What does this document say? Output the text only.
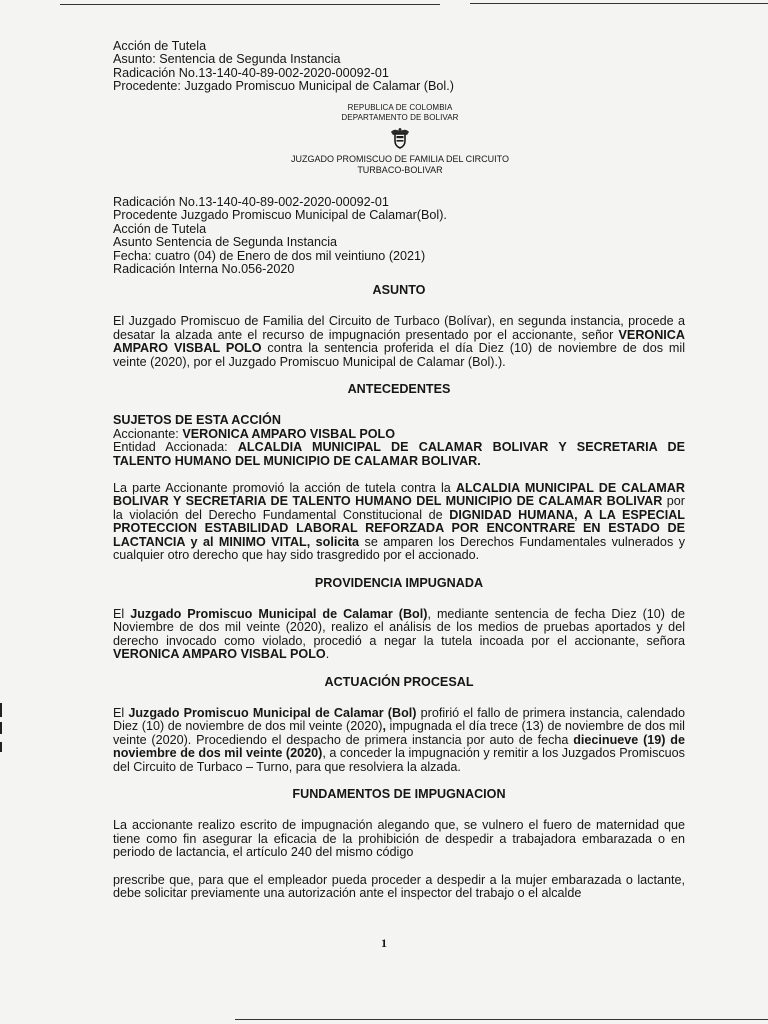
Acción de Tutela
Asunto: Sentencia de Segunda Instancia
Radicación No.13-140-40-89-002-2020-00092-01
Procedente: Juzgado Promiscuo Municipal de Calamar (Bol.)
REPUBLICA DE COLOMBIA
DEPARTAMENTO DE BOLIVAR
JUZGADO PROMISCUO DE FAMILIA DEL CIRCUITO
TURBACO-BOLIVAR
Radicación No.13-140-40-89-002-2020-00092-01
Procedente Juzgado Promiscuo Municipal de Calamar(Bol).
Acción de Tutela
Asunto Sentencia de Segunda Instancia
Fecha: cuatro (04) de Enero de dos mil veintiuno (2021)
Radicación Interna No.056-2020
ASUNTO

El Juzgado Promiscuo de Familia del Circuito de Turbaco (Bolívar), en segunda instancia, procede a desatar la alzada ante el recurso de impugnación presentado por el accionante, señor VERONICA AMPARO VISBAL POLO contra la sentencia proferida el día Diez (10) de noviembre de dos mil veinte (2020), por el Juzgado Promiscuo Municipal de Calamar (Bol).).

ANTECEDENTES

SUJETOS DE ESTA ACCIÓN

Accionante: VERONICA AMPARO VISBAL POLO

Entidad Accionada: ALCALDIA MUNICIPAL DE CALAMAR BOLIVAR Y SECRETARIA DE TALENTO HUMANO DEL MUNICIPIO DE CALAMAR BOLIVAR.

La parte Accionante promovió la acción de tutela contra la ALCALDIA MUNICIPAL DE CALAMAR BOLIVAR Y SECRETARIA DE TALENTO HUMANO DEL MUNICIPIO DE CALAMAR BOLIVAR por la violación del Derecho Fundamental Constitucional de DIGNIDAD HUMANA, A LA ESPECIAL PROTECCION ESTABILIDAD LABORAL REFORZADA POR ENCONTRARE EN ESTADO DE LACTANCIA y al MINIMO VITAL, solicita se amparen los Derechos Fundamentales vulnerados y cualquier otro derecho que hay sido trasgredido por el accionado.

PROVIDENCIA IMPUGNADA

El Juzgado Promiscuo Municipal de Calamar (Bol), mediante sentencia de fecha Diez (10) de Noviembre de dos mil veinte (2020), realizo el análisis de los medios de pruebas aportados y del derecho invocado como violado, procedió a negar la tutela incoada por el accionante, señora VERONICA AMPARO VISBAL POLO.

ACTUACIÓN PROCESAL

El Juzgado Promiscuo Municipal de Calamar (Bol) profirió el fallo de primera instancia, calendado Diez (10) de noviembre de dos mil veinte (2020), impugnada el día trece (13) de noviembre de dos mil veinte (2020). Procediendo el despacho de primera instancia por auto de fecha diecinueve (19) de noviembre de dos mil veinte (2020), a conceder la impugnación y remitir a los Juzgados Promiscuos del Circuito de Turbaco – Turno, para que resolviera la alzada.

FUNDAMENTOS DE IMPUGNACION

La accionante realizo escrito de impugnación alegando que, se vulnero el fuero de maternidad que tiene como fin asegurar la eficacia de la prohibición de despedir a trabajadora embarazada o en periodo de lactancia, el artículo 240 del mismo código

prescribe que, para que el empleador pueda proceder a despedir a la mujer embarazada o lactante, debe solicitar previamente una autorización ante el inspector del trabajo o el alcalde

1
